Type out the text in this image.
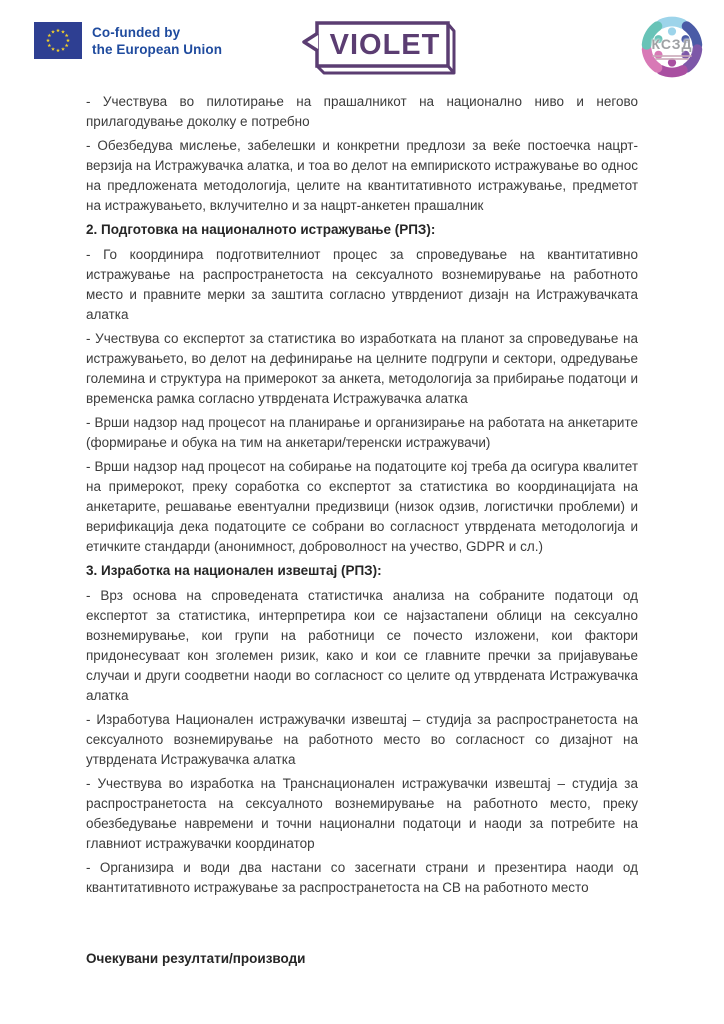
Co-funded by
the European Union	VIOLET	КСЗД

- Учествува во пилотирање на прашалникот на национално ниво и негово прилагодување доколку е потребно

- Обезбедува мислење, забелешки и конкретни предлози за веќе постоечка нацрт-верзија на Истражувачка алатка, и тоа во делот на емпириското истражување во однос на предложената методологија, целите на квантитативното истражување, предметот на истражувањето, вклучително и за нацрт-анкетен прашалник

2. Подготовка на националното истражување (РПЗ):

- Го координира подготвителниот процес за спроведување на квантитативно истражување на распространетоста на сексуалното вознемирување на работното место и правните мерки за заштита согласно утврдениот дизајн на Истражувачката алатка

- Учествува со експертот за статистика во изработката на планот за спроведување на истражувањето, во делот на дефинирање на целните подгрупи и сектори, одредување големина и структура на примерокот за анкета, методологија за прибирање податоци и временска рамка согласно утврдената Истражувачка алатка

- Врши надзор над процесот на планирање и организирање на работата на анкетарите (формирање и обука на тим на анкетари/теренски истражувачи)

- Врши надзор над процесот на собирање на податоците кој треба да осигура квалитет на примерокот, преку соработка со експертот за статистика во координацијата на анкетарите, решавање евентуални предизвици (низок одзив, логистички проблеми) и верификација дека податоците се собрани во согласност утврдената методологија и етичките стандарди (анонимност, доброволност на учество, GDPR и сл.)

3. Изработка на национален извештај (РПЗ):

- Врз основа на спроведената статистичка анализа на собраните податоци од експертот за статистика, интерпретира кои се најзастапени облици на сексуално вознемирување, кои групи на работници се почесто изложени, кои фактори придонесуваат кон зголемен ризик, како и кои се главните пречки за пријавување случаи и други соодветни наоди во согласност со целите од утврдената Истражувачка алатка

- Изработува Национален истражувачки извештај – студија за распространетоста на сексуалното вознемирување на работното место во согласност со дизајнот на утврдената Истражувачка алатка

- Учествува во изработка на Транснационален истражувачки извештај – студија за распространетоста на сексуалното вознемирување на работното место, преку обезбедување навремени и точни национални податоци и наоди за потребите на главниот истражувачки координатор

- Организира и води два настани со засегнати страни и презентира наоди од квантитативното истражување за распространетоста на СВ на работното место

Очекувани резултати/производи
